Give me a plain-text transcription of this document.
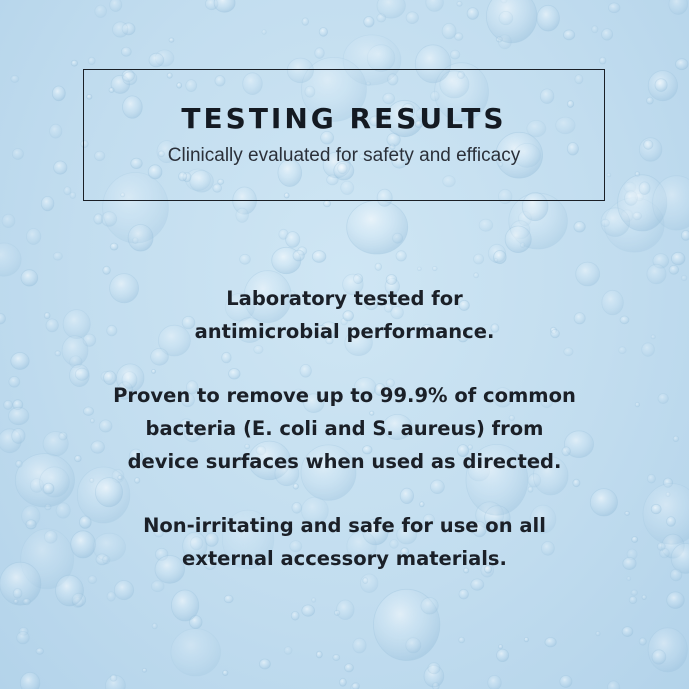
TESTING RESULTS
Clinically evaluated for safety and efficacy
Laboratory tested for
antimicrobial performance.
Proven to remove up to 99.9% of common
bacteria (E. coli and S. aureus) from
device surfaces when used as directed.
Non-irritating and safe for use on all
external accessory materials.
